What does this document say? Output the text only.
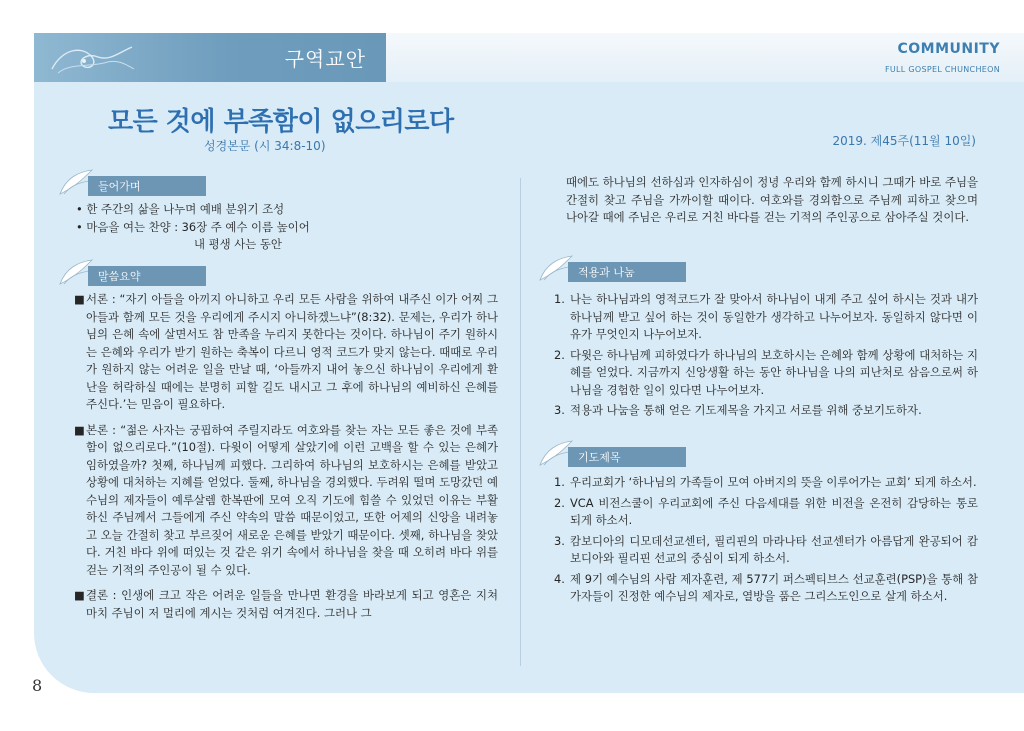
구역교안	COMMUNITY
FULL GOSPEL CHUNCHEON
모든 것에 부족함이 없으리로다
성경본문 (시 34:8-10)	2019. 제45주(11월 10일)
들어가며
• 한 주간의 삶을 나누며 예배 분위기 조성
• 마음을 여는 찬양 : 36장 주 예수 이름 높이어
내 평생 사는 동안
말씀요약
■ 서론 : “자기 아들을 아끼지 아니하고 우리 모든 사람을 위하여 내주신 이가 어찌 그 아들과 함께 모든 것을 우리에게 주시지 아니하겠느냐”(8:32). 문제는, 우리가 하나님의 은혜 속에 살면서도 참 만족을 누리지 못한다는 것이다. 하나님이 주기 원하시는 은혜와 우리가 받기 원하는 축복이 다르니 영적 코드가 맞지 않는다. 때때로 우리가 원하지 않는 어려운 일을 만날 때, ‘아들까지 내어 놓으신 하나님이 우리에게 환난을 허락하실 때에는 분명히 피할 길도 내시고 그 후에 하나님의 예비하신 은혜를 주신다.’는 믿음이 필요하다.
■ 본론 : “젊은 사자는 궁핍하여 주릴지라도 여호와를 찾는 자는 모든 좋은 것에 부족함이 없으리로다.”(10절). 다윗이 어떻게 살았기에 이런 고백을 할 수 있는 은혜가 임하였을까? 첫째, 하나님께 피했다. 그리하여 하나님의 보호하시는 은혜를 받았고 상황에 대처하는 지혜를 얻었다. 둘째, 하나님을 경외했다. 두려워 떨며 도망갔던 예수님의 제자들이 예루살렘 한복판에 모여 오직 기도에 힘쓸 수 있었던 이유는 부활하신 주님께서 그들에게 주신 약속의 말씀 때문이었고, 또한 어제의 신앙을 내려놓고 오늘 간절히 찾고 부르짖어 새로운 은혜를 받았기 때문이다. 셋째, 하나님을 찾았다. 거친 바다 위에 떠있는 것 같은 위기 속에서 하나님을 찾을 때 오히려 바다 위를 걷는 기적의 주인공이 될 수 있다.
■ 결론 : 인생에 크고 작은 어려운 일들을 만나면 환경을 바라보게 되고 영혼은 지쳐 마치 주님이 저 멀리에 계시는 것처럼 여겨진다. 그러나 그

때에도 하나님의 선하심과 인자하심이 정녕 우리와 함께 하시니 그때가 바로 주님을 간절히 찾고 주님을 가까이할 때이다. 여호와를 경외함으로 주님께 피하고 찾으며 나아갈 때에 주님은 우리로 거친 바다를 걷는 기적의 주인공으로 삼아주실 것이다.

적용과 나눔
1. 나는 하나님과의 영적코드가 잘 맞아서 하나님이 내게 주고 싶어 하시는 것과 내가 하나님께 받고 싶어 하는 것이 동일한가 생각하고 나누어보자. 동일하지 않다면 이유가 무엇인지 나누어보자.
2. 다윗은 하나님께 피하였다가 하나님의 보호하시는 은혜와 함께 상황에 대처하는 지혜를 얻었다. 지금까지 신앙생활 하는 동안 하나님을 나의 피난처로 삼음으로써 하나님을 경험한 일이 있다면 나누어보자.
3. 적용과 나눔을 통해 얻은 기도제목을 가지고 서로를 위해 중보기도하자.
기도제목
1. 우리교회가 ‘하나님의 가족들이 모여 아버지의 뜻을 이루어가는 교회’ 되게 하소서.
2. VCA 비전스쿨이 우리교회에 주신 다음세대를 위한 비전을 온전히 감당하는 통로 되게 하소서.
3. 캄보디아의 디모데선교센터, 필리핀의 마라나타 선교센터가 아름답게 완공되어 캄보디아와 필리핀 선교의 중심이 되게 하소서.
4. 제 9기 예수님의 사람 제자훈련, 제 577기 퍼스펙티브스 선교훈련(PSP)을 통해 참가자들이 진정한 예수님의 제자로, 열방을 품은 그리스도인으로 살게 하소서.
8
